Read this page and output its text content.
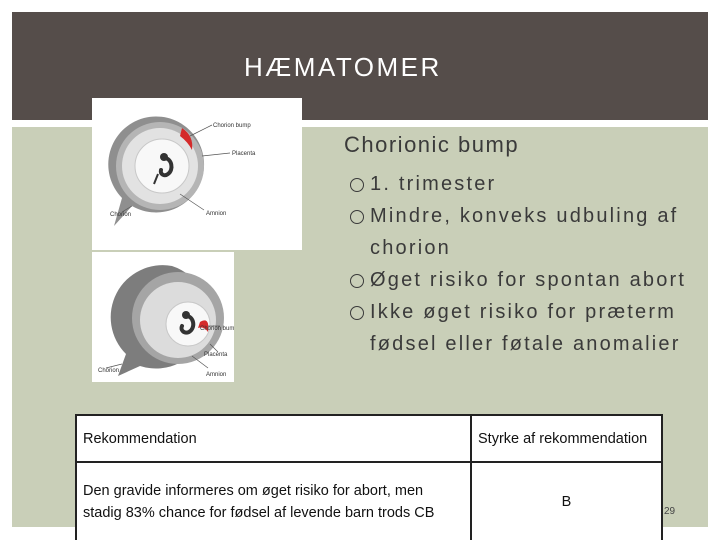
HÆMATOMER
Chorion bump
Placenta
Chorion	Amnion
Chorion bump
Placenta
Chorion
Amnion
Chorionic bump
1. trimester
Mindre, konveks udbuling af chorion
Øget risiko for spontan abort
Ikke øget risiko for præterm fødsel eller føtale anomalier
Rekommendation	Styrke af rekommendation
Den gravide informeres om øget risiko for abort, men stadig 83% chance for fødsel af levende barn trods CB	B
29
